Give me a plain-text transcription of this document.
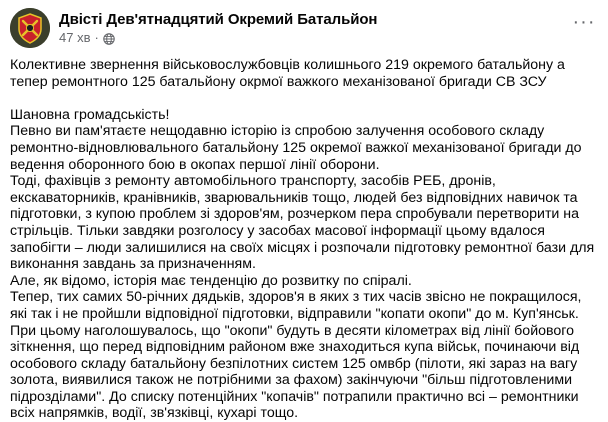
Двісті Дев'ятнадцятий Окремий Батальйон
47 хв ·
···

Колективне звернення військовослужбовців колишнього 219 окремого батальйону а тепер ремонтного 125 батальйону окрмої важкого механізованої бригади СВ ЗСУ

Шановна громадськість!

Певно ви пам'ятаєте нещодавню історію із спробою залучення особового складу ремонтно-відновлювального батальйону 125 окремої важкої механізованої бригади до ведення оборонного бою в окопах першої лінії оборони.

Тоді, фахівців з ремонту автомобільного транспорту, засобів РЕБ, дронів, екскаваторників, кранівників, зварювальників тощо, людей без відповідних навичок та підготовки, з купою проблем зі здоров'ям, розчерком пера спробували перетворити на стрільців. Тільки завдяки розголосу у засобах масової інформації цьому вдалося запобігти – люди залишилися на своїх місцях і розпочали підготовку ремонтної бази для виконання завдань за призначенням.

Але, як відомо, історія має тенденцію до розвитку по спіралі.

Тепер, тих самих 50-річних дядьків, здоров'я в яких з тих часів звісно не покращилося, які так і не пройшли відповідної підготовки, відправили "копати окопи" до м. Куп'янськ. При цьому наголошувалось, що "окопи" будуть в десяти кілометрах від лінії бойового зіткнення, що перед відповідним районом вже знаходиться купа військ, починаючи від особового складу батальйону безпілотних систем 125 омвбр (пілоти, які зараз на вагу золота, виявилися також не потрібними за фахом) закінчуючи "більш підготовленими підрозділами". До списку потенційних "копачів" потрапили практично всі – ремонтники всіх напрямків, водії, зв'язківці, кухарі тощо.
